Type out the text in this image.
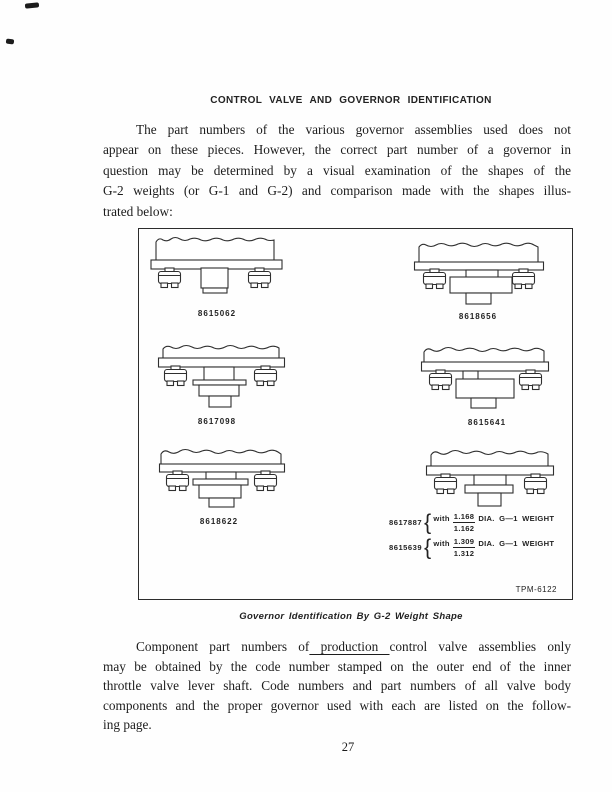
CONTROL VALVE AND GOVERNOR IDENTIFICATION
The part numbers of the various governor assemblies used does not
appear on these pieces. However, the correct part number of a governor in
question may be determined by a visual examination of the shapes of the
G-2 weights (or G-1 and G-2) and comparison made with the shapes illus-
trated below:
8615062	8618656
8617098	8615641
8618622	8617887 { with 1.168
1.162
DIA. G—1 WEIGHT
8615639 { with 1.309
1.312
DIA. G—1 WEIGHT
TPM-6122
Governor Identification By G-2 Weight Shape
Component part numbers of production control valve assemblies only
may be obtained by the code number stamped on the outer end of the inner
throttle valve lever shaft. Code numbers and part numbers of all valve body
components and the proper governor used with each are listed on the follow-
ing page.
27
